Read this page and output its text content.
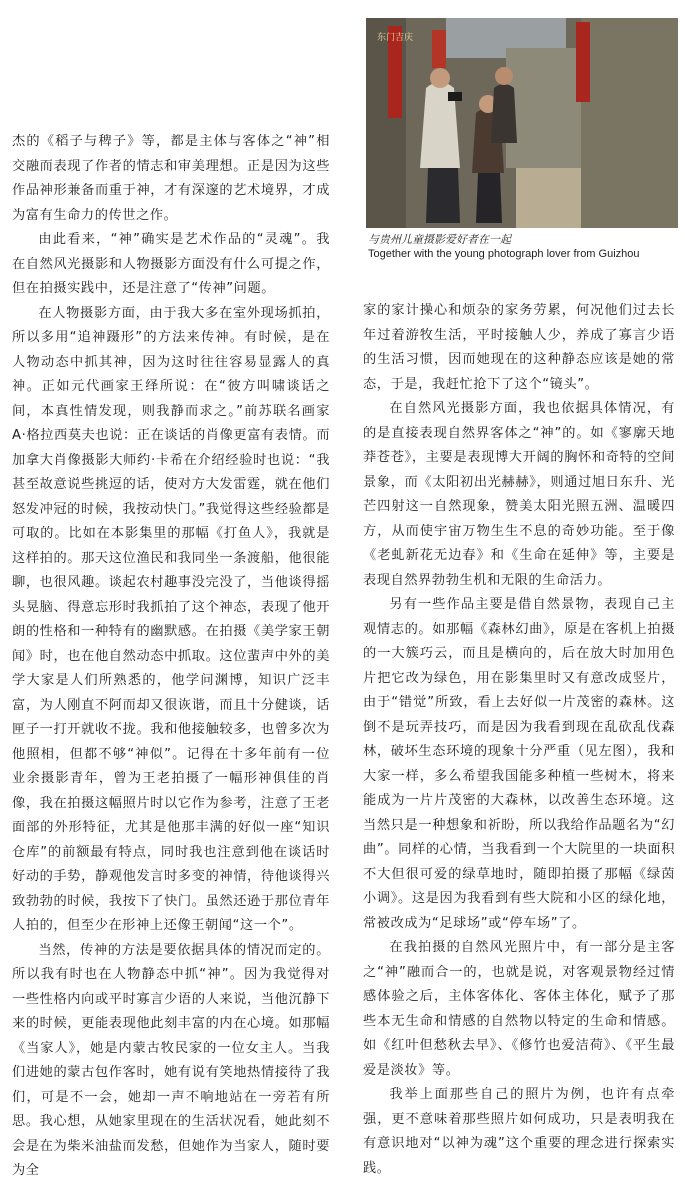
东门吉庆
与贵州儿童摄影爱好者在一起
Together with the young photograph lover from Guizhou

杰的《稻子与稗子》等，都是主体与客体之“神”相交融而表现了作者的情志和审美理想。正是因为这些作品神形兼备而重于神，才有深邃的艺术境界，才成为富有生命力的传世之作。

由此看来，“神”确实是艺术作品的“灵魂”。我在自然风光摄影和人物摄影方面没有什么可提之作，但在拍摄实践中，还是注意了“传神”问题。

在人物摄影方面，由于我大多在室外现场抓拍，所以多用“追神蹑形”的方法来传神。有时候，是在人物动态中抓其神，因为这时往往容易显露人的真神。正如元代画家王绎所说：在“彼方叫啸谈话之间，本真性情发现，则我静而求之。”前苏联名画家А·格拉西莫夫也说：正在谈话的肖像更富有表情。而加拿大肖像摄影大师约·卡希在介绍经验时也说：“我甚至故意说些挑逗的话，使对方大发雷霆，就在他们怒发冲冠的时候，我按动快门。”我觉得这些经验都是可取的。比如在本影集里的那幅《打鱼人》，我就是这样拍的。那天这位渔民和我同坐一条渡船，他很能聊，也很风趣。谈起农村趣事没完没了，当他谈得摇头晃脑、得意忘形时我抓拍了这个神态，表现了他开朗的性格和一种特有的幽默感。在拍摄《美学家王朝闻》时，也在他自然动态中抓取。这位蜚声中外的美学大家是人们所熟悉的，他学问渊博，知识广泛丰富，为人刚直不阿而却又很诙谐，而且十分健谈，话匣子一打开就收不拢。我和他接触较多，也曾多次为他照相，但都不够“神似”。记得在十多年前有一位业余摄影青年，曾为王老拍摄了一幅形神俱佳的肖像，我在拍摄这幅照片时以它作为参考，注意了王老面部的外形特征，尤其是他那丰满的好似一座“知识仓库”的前额最有特点，同时我也注意到他在谈话时好动的手势，静观他发言时多变的神情，待他谈得兴致勃勃的时候，我按下了快门。虽然还逊于那位青年人拍的，但至少在形神上还像王朝闻“这一个”。

当然，传神的方法是要依据具体的情况而定的。所以我有时也在人物静态中抓“神”。因为我觉得对一些性格内向或平时寡言少语的人来说，当他沉静下来的时候，更能表现他此刻丰富的内在心境。如那幅《当家人》，她是内蒙古牧民家的一位女主人。当我们进她的蒙古包作客时，她有说有笑地热情接待了我们，可是不一会，她却一声不响地站在一旁若有所思。我心想，从她家里现在的生活状况看，她此刻不会是在为柴米油盐而发愁，但她作为当家人，随时要为全

家的家计操心和烦杂的家务劳累，何况他们过去长年过着游牧生活，平时接触人少，养成了寡言少语的生活习惯，因而她现在的这种静态应该是她的常态，于是，我赶忙抢下了这个“镜头”。

在自然风光摄影方面，我也依据具体情况，有的是直接表现自然界客体之“神”的。如《寥廓天地莽苍苍》，主要是表现博大开阔的胸怀和奇特的空间景象，而《太阳初出光赫赫》，则通过旭日东升、光芒四射这一自然现象，赞美太阳光照五洲、温暖四方，从而使宇宙万物生生不息的奇妙功能。至于像《老虬新花无边春》和《生命在延伸》等，主要是表现自然界勃勃生机和无限的生命活力。

另有一些作品主要是借自然景物，表现自己主观情志的。如那幅《森林幻曲》，原是在客机上拍摄的一大簇巧云，而且是横向的，后在放大时加用色片把它改为绿色，用在影集里时又有意改成竖片，由于“错觉”所致，看上去好似一片茂密的森林。这倒不是玩弄技巧，而是因为我看到现在乱砍乱伐森林，破坏生态环境的现象十分严重（见左图），我和大家一样，多么希望我国能多种植一些树木，将来能成为一片片茂密的大森林，以改善生态环境。这当然只是一种想象和祈盼，所以我给作品题名为“幻曲”。同样的心情，当我看到一个大院里的一块面积不大但很可爱的绿草地时，随即拍摄了那幅《绿茵小调》。这是因为我看到有些大院和小区的绿化地，常被改成为“足球场”或“停车场”了。

在我拍摄的自然风光照片中，有一部分是主客之“神”融而合一的，也就是说，对客观景物经过情感体验之后，主体客体化、客体主体化，赋予了那些本无生命和情感的自然物以特定的生命和情感。如《红叶但愁秋去早》、《修竹也爱洁荷》、《平生最爱是淡妆》等。

我举上面那些自己的照片为例，也许有点牵强，更不意味着那些照片如何成功，只是表明我在有意识地对“以神为魂”这个重要的理念进行探索实践。
